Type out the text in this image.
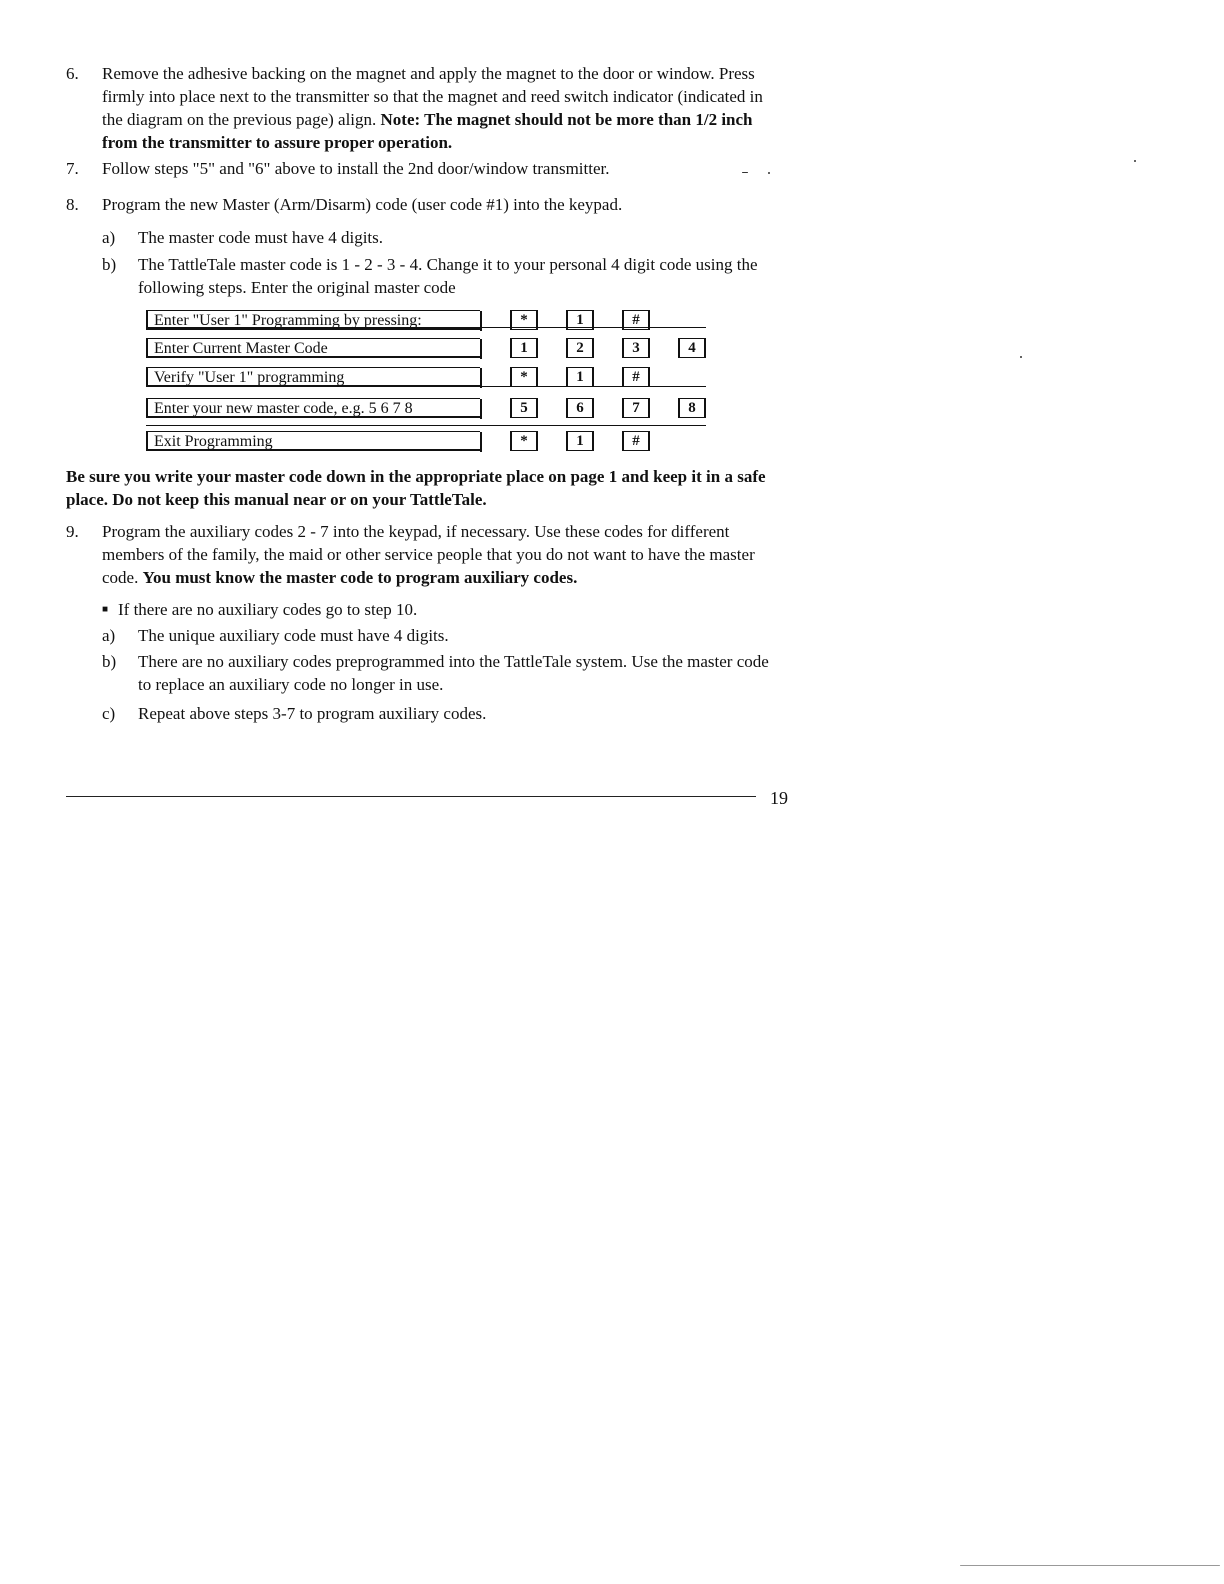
6.	Remove the adhesive backing on the magnet and apply the magnet to the door or window. Press firmly into place next to the transmitter so that the magnet and reed switch indicator (indicated in the diagram on the previous page) align. Note: The magnet should not be more than 1/2 inch from the transmitter to assure proper operation.
7.	Follow steps "5" and "6" above to install the 2nd door/window transmitter.
8.	Program the new Master (Arm/Disarm) code (user code #1) into the keypad.
a)	The master code must have 4 digits.
b)	The TattleTale master code is 1 - 2 - 3 - 4. Change it to your personal 4 digit code using the following steps. Enter the original master code
Enter "User 1" Programming by pressing:	*	1	#
Enter Current Master Code	1	2	3	4
Verify "User 1" programming	*	1	#
Enter your new master code, e.g. 5 6 7 8	5	6	7	8
Exit Programming	*	1	#
Be sure you write your master code down in the appropriate place on page 1 and keep it in a safe place. Do not keep this manual near or on your TattleTale.
9.	Program the auxiliary codes 2 - 7 into the keypad, if necessary. Use these codes for different members of the family, the maid or other service people that you do not want to have the master code. You must know the master code to program auxiliary codes.
■ If there are no auxiliary codes go to step 10.
a)	The unique auxiliary code must have 4 digits.
b)	There are no auxiliary codes preprogrammed into the TattleTale system. Use the master code to replace an auxiliary code no longer in use.
c)	Repeat above steps 3-7 to program auxiliary codes.
19
